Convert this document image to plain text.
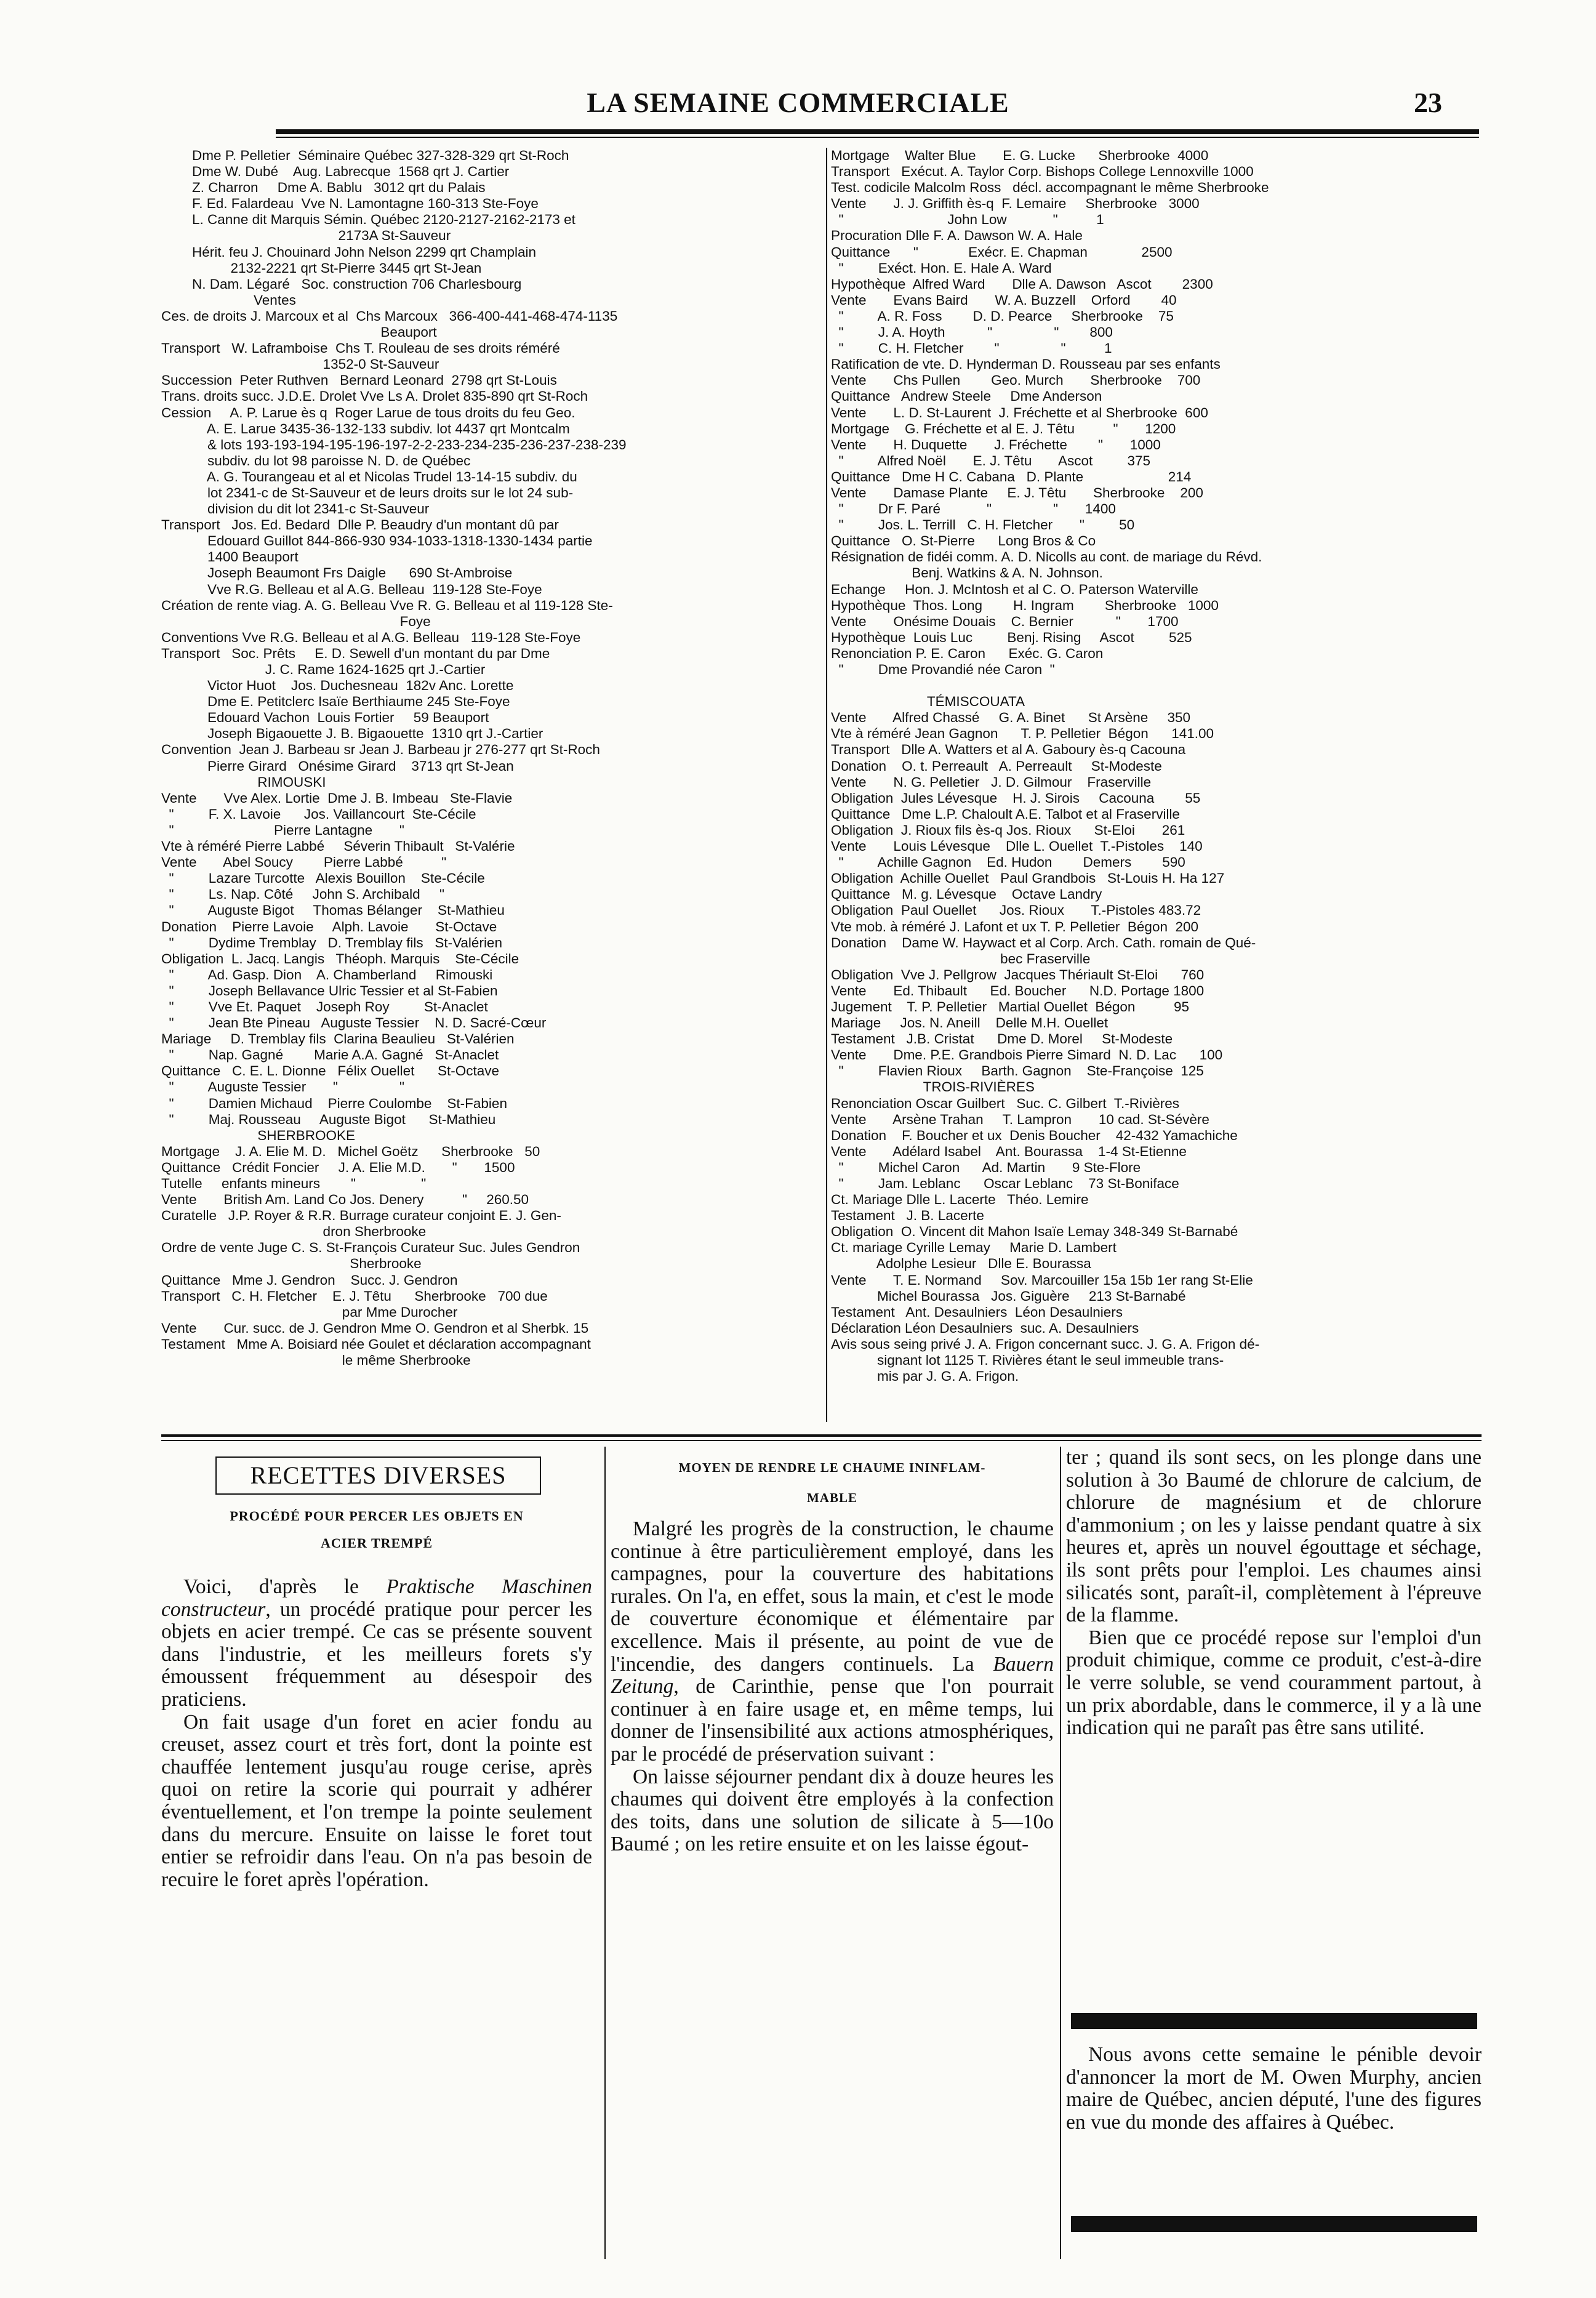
LA SEMAINE COMMERCIALE	23
Dme P. Pelletier  Séminaire Québec 327-328-329 qrt St-Roch
Dme W. Dubé    Aug. Labrecque  1568 qrt J. Cartier
Z. Charron     Dme A. Bablu   3012 qrt du Palais
F. Ed. Falardeau  Vve N. Lamontagne 160-313 Ste-Foye
L. Canne dit Marquis Sémin. Québec 2120-2127-2162-2173 et
2173A St-Sauveur
Hérit. feu J. Chouinard John Nelson 2299 qrt Champlain
2132-2221 qrt St-Pierre 3445 qrt St-Jean
N. Dam. Légaré   Soc. construction 706 Charlesbourg
Ventes
Ces. de droits J. Marcoux et al  Chs Marcoux   366-400-441-468-474-1135
Beauport
Transport   W. Laframboise  Chs T. Rouleau de ses droits réméré
1352-0 St-Sauveur
Succession  Peter Ruthven   Bernard Leonard  2798 qrt St-Louis
Trans. droits succ. J.D.E. Drolet Vve Ls A. Drolet 835-890 qrt St-Roch
Cession     A. P. Larue ès q  Roger Larue de tous droits du feu Geo.
A. E. Larue 3435-36-132-133 subdiv. lot 4437 qrt Montcalm
& lots 193-193-194-195-196-197-2-2-233-234-235-236-237-238-239
subdiv. du lot 98 paroisse N. D. de Québec
A. G. Tourangeau et al et Nicolas Trudel 13-14-15 subdiv. du
lot 2341-c de St-Sauveur et de leurs droits sur le lot 24 sub-
division du dit lot 2341-c St-Sauveur
Transport   Jos. Ed. Bedard  Dlle P. Beaudry d'un montant dû par
Edouard Guillot 844-866-930 934-1033-1318-1330-1434 partie
1400 Beauport
Joseph Beaumont Frs Daigle      690 St-Ambroise
Vve R.G. Belleau et al A.G. Belleau  119-128 Ste-Foye
Création de rente viag. A. G. Belleau Vve R. G. Belleau et al 119-128 Ste-
Foye
Conventions Vve R.G. Belleau et al A.G. Belleau   119-128 Ste-Foye
Transport   Soc. Prêts     E. D. Sewell d'un montant du par Dme
J. C. Rame 1624-1625 qrt J.-Cartier
Victor Huot    Jos. Duchesneau  182v Anc. Lorette
Dme E. Petitclerc Isaïe Berthiaume 245 Ste-Foye
Edouard Vachon  Louis Fortier     59 Beauport
Joseph Bigaouette J. B. Bigaouette  1310 qrt J.-Cartier
Convention  Jean J. Barbeau sr Jean J. Barbeau jr 276-277 qrt St-Roch
Pierre Girard   Onésime Girard    3713 qrt St-Jean
RIMOUSKI
Vente       Vve Alex. Lortie  Dme J. B. Imbeau   Ste-Flavie
"         F. X. Lavoie      Jos. Vaillancourt  Ste-Cécile
"                          Pierre Lantagne       "
Vte à réméré Pierre Labbé     Séverin Thibault   St-Valérie
Vente       Abel Soucy        Pierre Labbé          "
"         Lazare Turcotte   Alexis Bouillon    Ste-Cécile
"         Ls. Nap. Côté     John S. Archibald     "
"         Auguste Bigot     Thomas Bélanger    St-Mathieu
Donation    Pierre Lavoie     Alph. Lavoie       St-Octave
"         Dydime Tremblay   D. Tremblay fils   St-Valérien
Obligation  L. Jacq. Langis   Théoph. Marquis    Ste-Cécile
"         Ad. Gasp. Dion    A. Chamberland     Rimouski
"         Joseph Bellavance Ulric Tessier et al St-Fabien
"         Vve Et. Paquet    Joseph Roy         St-Anaclet
"         Jean Bte Pineau   Auguste Tessier    N. D. Sacré-Cœur
Mariage     D. Tremblay fils  Clarina Beaulieu   St-Valérien
"         Nap. Gagné        Marie A.A. Gagné   St-Anaclet
Quittance   C. E. L. Dionne   Félix Ouellet      St-Octave
"         Auguste Tessier       "                "
"         Damien Michaud    Pierre Coulombe    St-Fabien
"         Maj. Rousseau     Auguste Bigot      St-Mathieu
SHERBROOKE
Mortgage    J. A. Elie M. D.   Michel Goëtz      Sherbrooke   50
Quittance   Crédit Foncier     J. A. Elie M.D.       "       1500
Tutelle     enfants mineurs        "                 "
Vente       British Am. Land Co Jos. Denery          "     260.50
Curatelle   J.P. Royer & R.R. Burrage curateur conjoint E. J. Gen-
dron Sherbrooke
Ordre de vente Juge C. S. St-François Curateur Suc. Jules Gendron
Sherbrooke
Quittance   Mme J. Gendron    Succ. J. Gendron
Transport   C. H. Fletcher    E. J. Têtu      Sherbrooke   700 due
par Mme Durocher
Vente       Cur. succ. de J. Gendron Mme O. Gendron et al Sherbk. 15
Testament   Mme A. Boisiard née Goulet et déclaration accompagnant
le même Sherbrooke
Mortgage    Walter Blue       E. G. Lucke      Sherbrooke  4000
Transport   Exécut. A. Taylor Corp. Bishops College Lennoxville 1000
Test. codicile Malcolm Ross   décl. accompagnant le même Sherbrooke
Vente       J. J. Griffith ès-q  F. Lemaire     Sherbrooke   3000
"                           John Low            "          1
Procuration Dlle F. A. Dawson W. A. Hale
Quittance      "             Exécr. E. Chapman              2500
"         Exéct. Hon. E. Hale A. Ward
Hypothèque  Alfred Ward       Dlle A. Dawson   Ascot        2300
Vente       Evans Baird       W. A. Buzzell    Orford        40
"         A. R. Foss        D. D. Pearce     Sherbrooke    75
"         J. A. Hoyth           "                "        800
"         C. H. Fletcher        "                "          1
Ratification de vte. D. Hynderman D. Rousseau par ses enfants
Vente       Chs Pullen        Geo. Murch       Sherbrooke    700
Quittance   Andrew Steele     Dme Anderson
Vente       L. D. St-Laurent  J. Fréchette et al Sherbrooke  600
Mortgage    G. Fréchette et al E. J. Têtu          "       1200
Vente       H. Duquette       J. Fréchette        "       1000
"         Alfred Noël       E. J. Têtu       Ascot         375
Quittance   Dme H C. Cabana   D. Plante                      214
Vente       Damase Plante     E. J. Têtu       Sherbrooke    200
"         Dr F. Paré            "                "       1400
"         Jos. L. Terrill   C. H. Fletcher       "         50
Quittance   O. St-Pierre      Long Bros & Co
Résignation de fidéi comm. A. D. Nicolls au cont. de mariage du Révd.
Benj. Watkins & A. N. Johnson.
Echange     Hon. J. McIntosh et al C. O. Paterson Waterville
Hypothèque  Thos. Long        H. Ingram        Sherbrooke   1000
Vente       Onésime Douais    C. Bernier           "       1700
Hypothèque  Louis Luc         Benj. Rising     Ascot         525
Renonciation P. E. Caron      Exéc. G. Caron
"         Dme Provandié née Caron  "
TÉMISCOUATA
Vente       Alfred Chassé     G. A. Binet      St Arsène     350
Vte à réméré Jean Gagnon      T. P. Pelletier  Bégon      141.00
Transport   Dlle A. Watters et al A. Gaboury ès-q Cacouna
Donation    O. t. Perreault   A. Perreault     St-Modeste
Vente       N. G. Pelletier   J. D. Gilmour    Fraserville
Obligation  Jules Lévesque    H. J. Sirois     Cacouna        55
Quittance   Dme L.P. Chaloult A.E. Talbot et al Fraserville
Obligation  J. Rioux fils ès-q Jos. Rioux      St-Eloi       261
Vente       Louis Lévesque    Dlle L. Ouellet  T.-Pistoles    140
"         Achille Gagnon    Ed. Hudon        Demers        590
Obligation  Achille Ouellet   Paul Grandbois   St-Louis H. Ha 127
Quittance   M. g. Lévesque    Octave Landry
Obligation  Paul Ouellet      Jos. Rioux       T.-Pistoles 483.72
Vte mob. à réméré J. Lafont et ux T. P. Pelletier  Bégon  200
Donation    Dame W. Haywact et al Corp. Arch. Cath. romain de Qué-
bec Fraserville
Obligation  Vve J. Pellgrow  Jacques Thériault St-Eloi      760
Vente       Ed. Thibault      Ed. Boucher      N.D. Portage 1800
Jugement    T. P. Pelletier   Martial Ouellet  Bégon          95
Mariage     Jos. N. Aneill    Delle M.H. Ouellet
Testament   J.B. Cristat      Dme D. Morel     St-Modeste
Vente       Dme. P.E. Grandbois Pierre Simard  N. D. Lac      100
"         Flavien Rioux     Barth. Gagnon    Ste-Françoise  125
TROIS-RIVIÈRES
Renonciation Oscar Guilbert   Suc. C. Gilbert  T.-Rivières
Vente       Arsène Trahan     T. Lampron       10 cad. St-Sévère
Donation    F. Boucher et ux  Denis Boucher    42-432 Yamachiche
Vente       Adélard Isabel    Ant. Bourassa    1-4 St-Etienne
"         Michel Caron      Ad. Martin       9 Ste-Flore
"         Jam. Leblanc      Oscar Leblanc    73 St-Boniface
Ct. Mariage Dlle L. Lacerte   Théo. Lemire
Testament   J. B. Lacerte
Obligation  O. Vincent dit Mahon Isaïe Lemay 348-349 St-Barnabé
Ct. mariage Cyrille Lemay     Marie D. Lambert
Adolphe Lesieur   Dlle E. Bourassa
Vente       T. E. Normand     Sov. Marcouiller 15a 15b 1er rang St-Elie
Michel Bourassa   Jos. Giguère     213 St-Barnabé
Testament   Ant. Desaulniers  Léon Desaulniers
Déclaration Léon Desaulniers  suc. A. Desaulniers
Avis sous seing privé J. A. Frigon concernant succ. J. G. A. Frigon dé-
signant lot 1125 T. Rivières étant le seul immeuble trans-
mis par J. G. A. Frigon.
RECETTES DIVERSES
PROCÉDÉ POUR PERCER LES OBJETS EN
ACIER TREMPÉ

Voici, d'après le Praktische Maschinen constructeur, un procédé pratique pour percer les objets en acier trempé. Ce cas se présente souvent dans l'industrie, et les meilleurs forets s'y émoussent fréquemment au désespoir des praticiens.

On fait usage d'un foret en acier fondu au creuset, assez court et très fort, dont la pointe est chauffée lentement jusqu'au rouge cerise, après quoi on retire la scorie qui pourrait y adhérer éventuellement, et l'on trempe la pointe seulement dans du mercure. Ensuite on laisse le foret tout entier se refroidir dans l'eau. On n'a pas besoin de recuire le foret après l'opération.

MOYEN DE RENDRE LE CHAUME ININFLAM-
MABLE

Malgré les progrès de la construction, le chaume continue à être particulièrement employé, dans les campagnes, pour la couverture des habitations rurales. On l'a, en effet, sous la main, et c'est le mode de couverture économique et élémentaire par excellence. Mais il présente, au point de vue de l'incendie, des dangers continuels. La Bauern Zeitung, de Carinthie, pense que l'on pourrait continuer à en faire usage et, en même temps, lui donner de l'insensibilité aux actions atmosphériques, par le procédé de préservation suivant :

On laisse séjourner pendant dix à douze heures les chaumes qui doivent être employés à la confection des toits, dans une solution de silicate à 5—10o Baumé ; on les retire ensuite et on les laisse égout-

ter ; quand ils sont secs, on les plonge dans une solution à 3o Baumé de chlorure de calcium, de chlorure de magnésium et de chlorure d'ammonium ; on les y laisse pendant quatre à six heures et, après un nouvel égouttage et séchage, ils sont prêts pour l'emploi. Les chaumes ainsi silicatés sont, paraît-il, complètement à l'épreuve de la flamme.

Bien que ce procédé repose sur l'emploi d'un produit chimique, comme ce produit, c'est-à-dire le verre soluble, se vend couramment partout, à un prix abordable, dans le commerce, il y a là une indication qui ne paraît pas être sans utilité.

Nous avons cette semaine le pénible devoir d'annoncer la mort de M. Owen Murphy, ancien maire de Québec, ancien député, l'une des figures en vue du monde des affaires à Québec.
